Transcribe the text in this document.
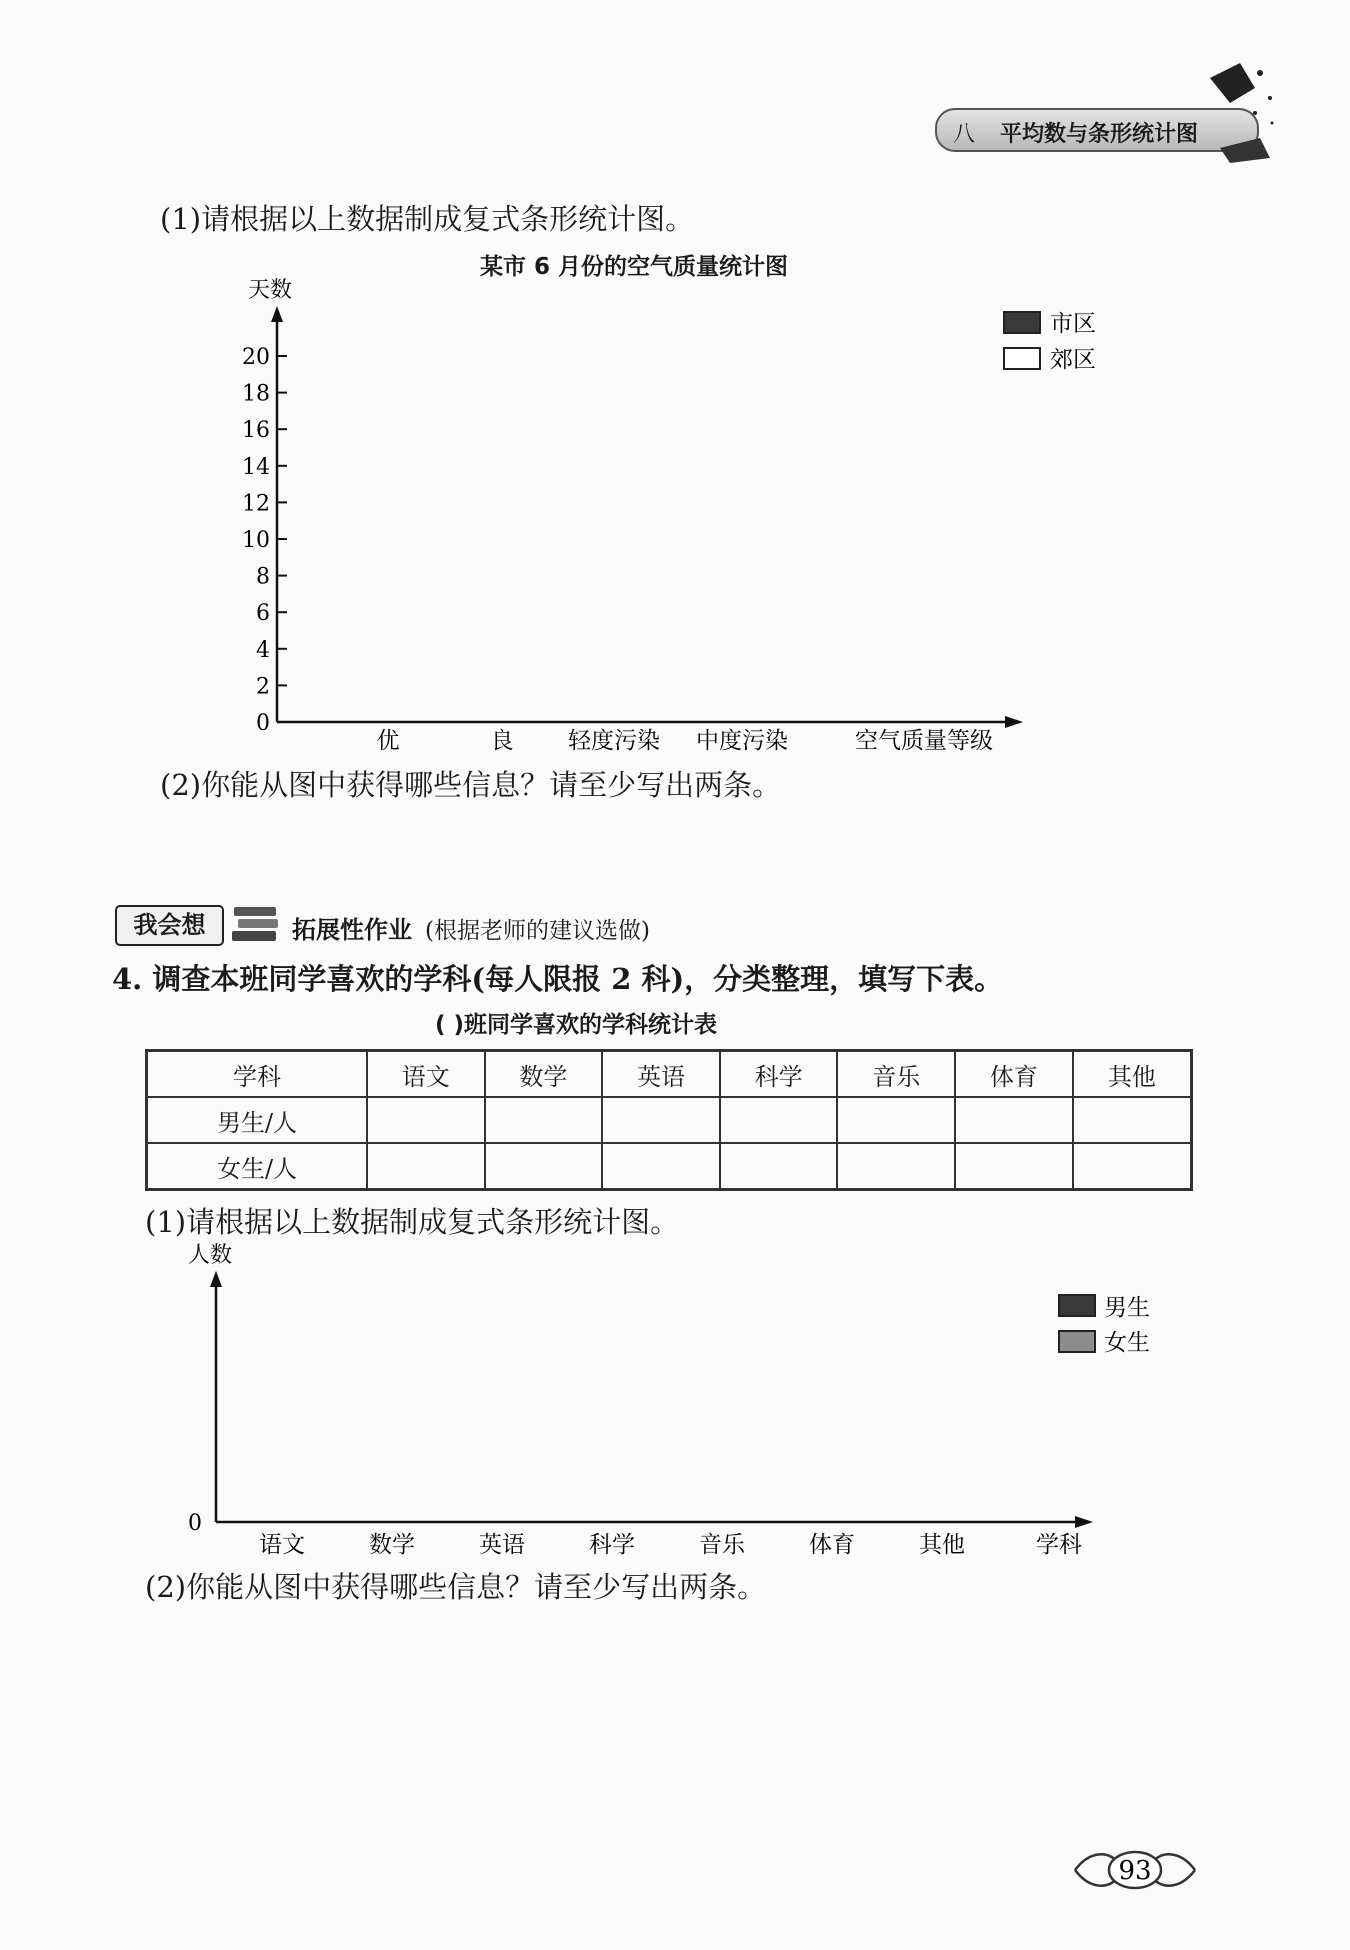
八 平均数与条形统计图
(1)请根据以上数据制成复式条形统计图。
某市 6 月份的空气质量统计图
0
2
4
6
8
10
12
14
16
18
20
优	良 轻度污染 中度污染
天数
空气质量等级
市区
郊区
(2)你能从图中获得哪些信息？请至少写出两条。
我会想	拓展性作业 (根据老师的建议选做)
4. 调查本班同学喜欢的学科(每人限报 2 科)，分类整理，填写下表。
( )班同学喜欢的学科统计表
学科	语文	数学	英语	科学	音乐	体育	其他
男生/人							
女生/人							
(1)请根据以上数据制成复式条形统计图。
人数
0
语文	数学	英语	科学	音乐	体育	其他	学科
男生
女生
(2)你能从图中获得哪些信息？请至少写出两条。
93
